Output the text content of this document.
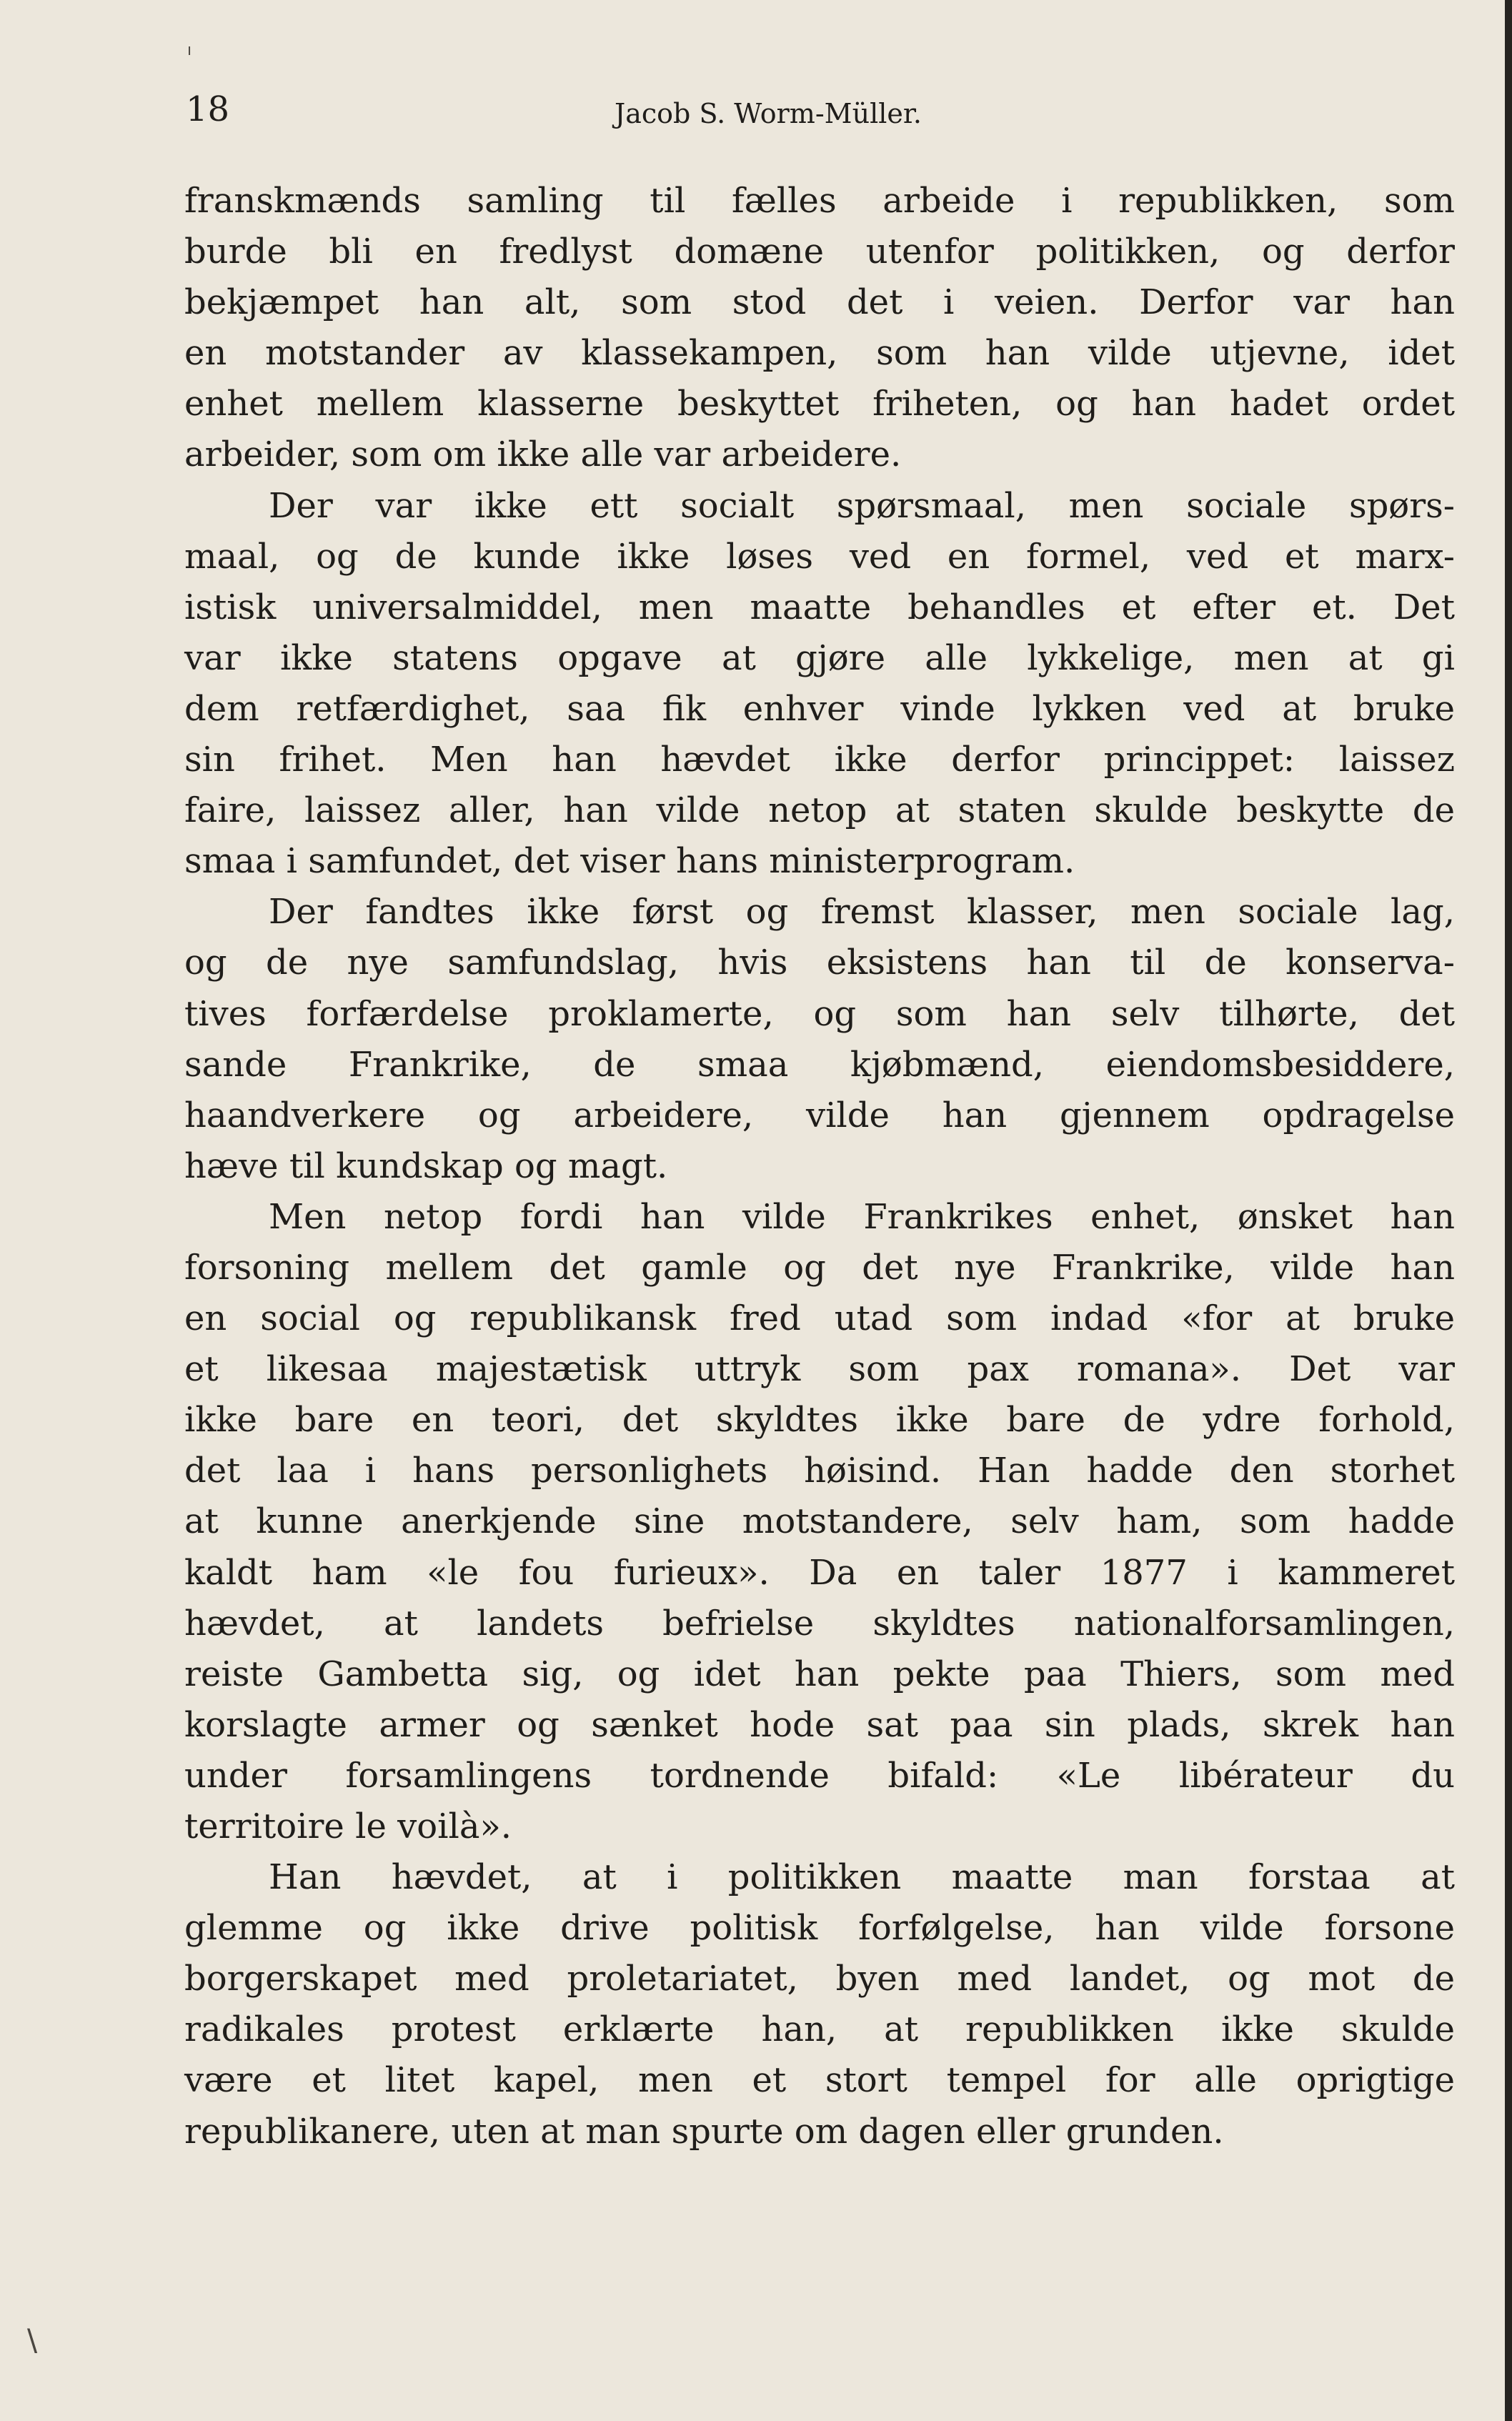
18	Jacob S. Worm-Müller.
franskmænds samling til fælles arbeide i republikken, som
burde bli en fredlyst domæne utenfor politikken, og derfor
bekjæmpet han alt, som stod det i veien. Derfor var han
en motstander av klassekampen, som han vilde utjevne, idet
enhet mellem klasserne beskyttet friheten, og han hadet ordet
arbeider, som om ikke alle var arbeidere.
Der var ikke ett socialt spørsmaal, men sociale spørs-
maal, og de kunde ikke løses ved en formel, ved et marx-
istisk universalmiddel, men maatte behandles et efter et. Det
var ikke statens opgave at gjøre alle lykkelige, men at gi
dem retfærdighet, saa fik enhver vinde lykken ved at bruke
sin frihet. Men han hævdet ikke derfor princippet: laissez
faire, laissez aller, han vilde netop at staten skulde beskytte de
smaa i samfundet, det viser hans ministerprogram.
Der fandtes ikke først og fremst klasser, men sociale lag,
og de nye samfundslag, hvis eksistens han til de konserva-
tives forfærdelse proklamerte, og som han selv tilhørte, det
sande Frankrike, de smaa kjøbmænd, eiendomsbesiddere,
haandverkere og arbeidere, vilde han gjennem opdragelse
hæve til kundskap og magt.
Men netop fordi han vilde Frankrikes enhet, ønsket han
forsoning mellem det gamle og det nye Frankrike, vilde han
en social og republikansk fred utad som indad «for at bruke
et likesaa majestætisk uttryk som pax romana». Det var
ikke bare en teori, det skyldtes ikke bare de ydre forhold,
det laa i hans personlighets høisind. Han hadde den storhet
at kunne anerkjende sine motstandere, selv ham, som hadde
kaldt ham «le fou furieux». Da en taler 1877 i kammeret
hævdet, at landets befrielse skyldtes nationalforsamlingen,
reiste Gambetta sig, og idet han pekte paa Thiers, som med
korslagte armer og sænket hode sat paa sin plads, skrek han
under forsamlingens tordnende bifald: «Le libérateur du
territoire le voilà».
Han hævdet, at i politikken maatte man forstaa at
glemme og ikke drive politisk forfølgelse, han vilde forsone
borgerskapet med proletariatet, byen med landet, og mot de
radikales protest erklærte han, at republikken ikke skulde
være et litet kapel, men et stort tempel for alle oprigtige
republikanere, uten at man spurte om dagen eller grunden.
ı
\
